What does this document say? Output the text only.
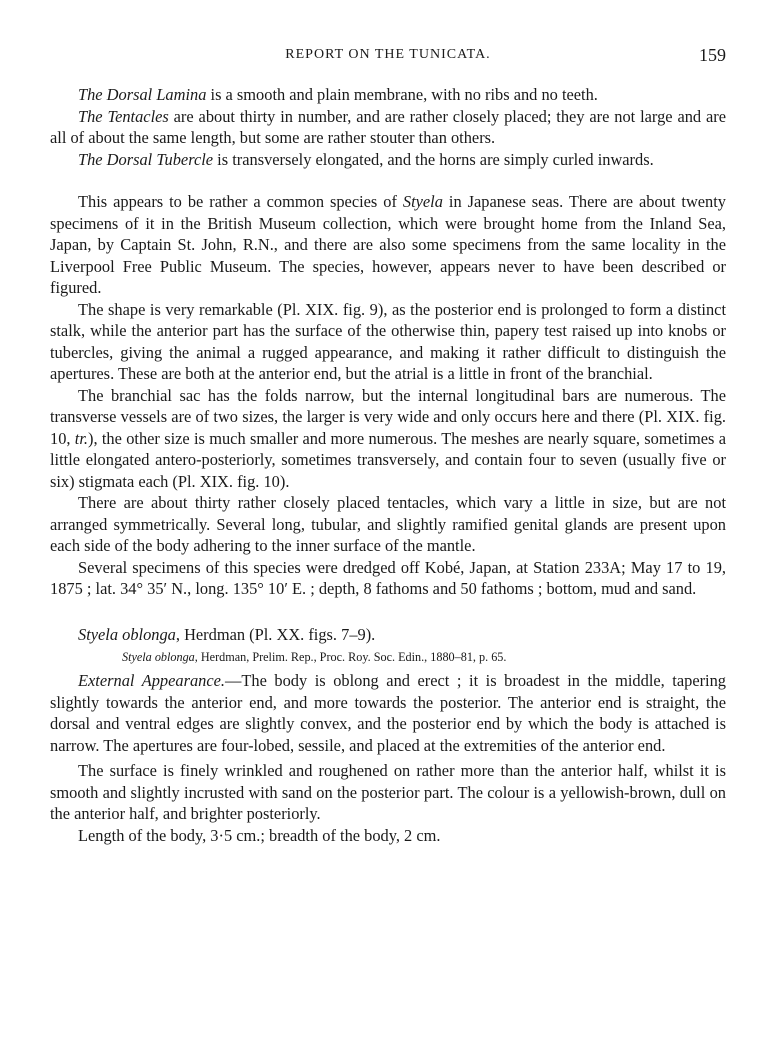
REPORT ON THE TUNICATA.	159

The Dorsal Lamina is a smooth and plain membrane, with no ribs and no teeth.

The Tentacles are about thirty in number, and are rather closely placed; they are not large and are all of about the same length, but some are rather stouter than others.

The Dorsal Tubercle is transversely elongated, and the horns are simply curled inwards.

This appears to be rather a common species of Styela in Japanese seas. There are about twenty specimens of it in the British Museum collection, which were brought home from the Inland Sea, Japan, by Captain St. John, R.N., and there are also some specimens from the same locality in the Liverpool Free Public Museum. The species, however, appears never to have been described or figured.

The shape is very remarkable (Pl. XIX. fig. 9), as the posterior end is prolonged to form a distinct stalk, while the anterior part has the surface of the otherwise thin, papery test raised up into knobs or tubercles, giving the animal a rugged appearance, and making it rather difficult to distinguish the apertures. These are both at the anterior end, but the atrial is a little in front of the branchial.

The branchial sac has the folds narrow, but the internal longitudinal bars are numerous. The transverse vessels are of two sizes, the larger is very wide and only occurs here and there (Pl. XIX. fig. 10, tr.), the other size is much smaller and more numerous. The meshes are nearly square, sometimes a little elongated antero-posteriorly, sometimes transversely, and contain four to seven (usually five or six) stigmata each (Pl. XIX. fig. 10).

There are about thirty rather closely placed tentacles, which vary a little in size, but are not arranged symmetrically. Several long, tubular, and slightly ramified genital glands are present upon each side of the body adhering to the inner surface of the mantle.

Several specimens of this species were dredged off Kobé, Japan, at Station 233A; May 17 to 19, 1875 ; lat. 34° 35′ N., long. 135° 10′ E. ; depth, 8 fathoms and 50 fathoms ; bottom, mud and sand.

Styela oblonga, Herdman (Pl. XX. figs. 7–9).

Styela oblonga, Herdman, Prelim. Rep., Proc. Roy. Soc. Edin., 1880–81, p. 65.

External Appearance.—The body is oblong and erect ; it is broadest in the middle, tapering slightly towards the anterior end, and more towards the posterior. The anterior end is straight, the dorsal and ventral edges are slightly convex, and the posterior end by which the body is attached is narrow. The apertures are four-lobed, sessile, and placed at the extremities of the anterior end.

The surface is finely wrinkled and roughened on rather more than the anterior half, whilst it is smooth and slightly incrusted with sand on the posterior part. The colour is a yellowish-brown, dull on the anterior half, and brighter posteriorly.

Length of the body, 3·5 cm.; breadth of the body, 2 cm.
